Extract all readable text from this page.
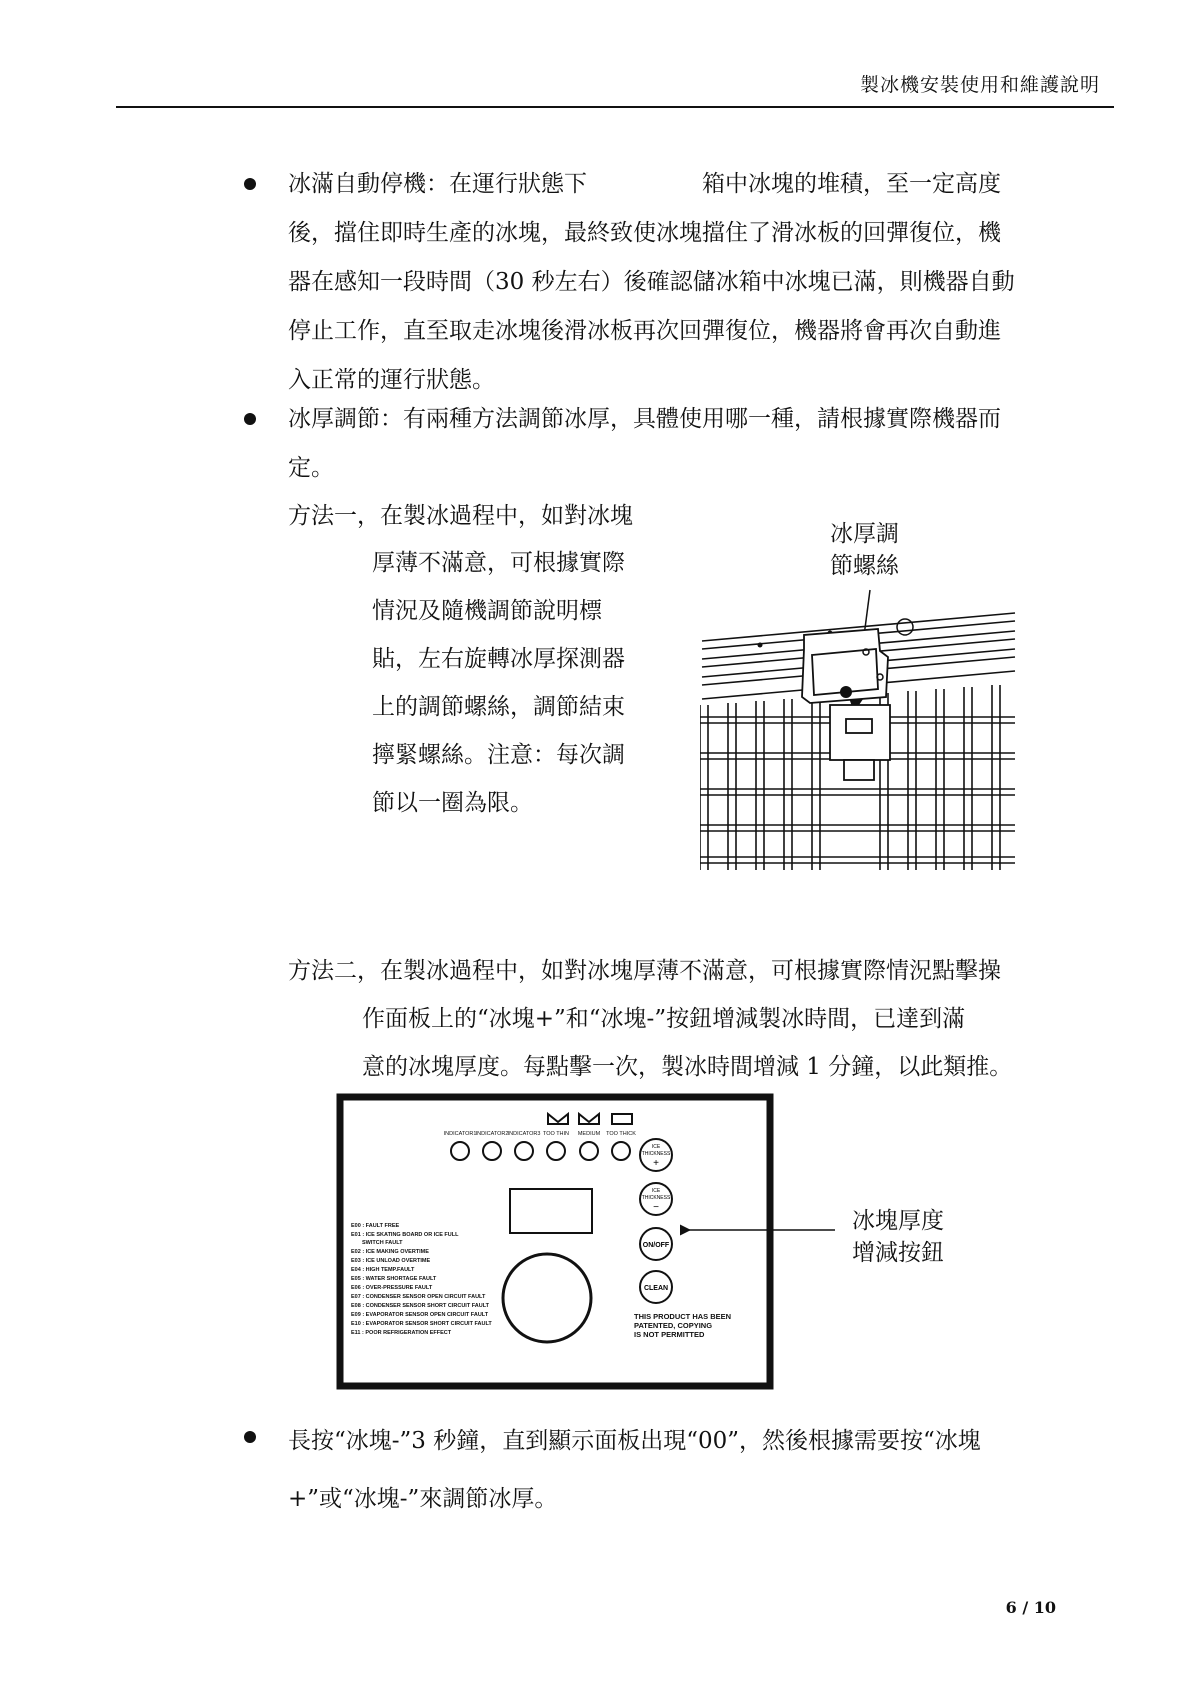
製冰機安裝使用和維護說明
冰滿自動停機：在運行狀態下　　　　　箱中冰塊的堆積，至一定高度
後，擋住即時生產的冰塊，最終致使冰塊擋住了滑冰板的回彈復位，機
器在感知一段時間（30 秒左右）後確認儲冰箱中冰塊已滿，則機器自動
停止工作，直至取走冰塊後滑冰板再次回彈復位，機器將會再次自動進
入正常的運行狀態。
冰厚調節：有兩種方法調節冰厚，具體使用哪一種，請根據實際機器而
定。
方法一，在製冰過程中，如對冰塊
厚薄不滿意，可根據實際
情況及隨機調節說明標
貼，左右旋轉冰厚探測器
上的調節螺絲，調節結束
擰緊螺絲。注意：每次調
節以一圈為限。
冰厚調
節螺絲
方法二，在製冰過程中，如對冰塊厚薄不滿意，可根據實際情況點擊操
作面板上的“冰塊+”和“冰塊-”按鈕增減製冰時間，已達到滿
意的冰塊厚度。每點擊一次，製冰時間增減 1 分鐘，以此類推。
INDICATOR1 INDICATOR2 INDICATOR3 TOO THIN MEDIUM TOO THICK
ICE
THICKNESS
+
ICE
THICKNESS
−
ON/OFF
CLEAN
E00 : FAULT FREE
E01 : ICE SKATING BOARD OR ICE FULL
SWITCH FAULT
E02 : ICE MAKING OVERTIME
E03 : ICE UNLOAD OVERTIME
E04 : HIGH TEMP.FAULT
E05 : WATER SHORTAGE FAULT
E06 : OVER-PRESSURE FAULT
E07 : CONDENSER SENSOR OPEN CIRCUIT FAULT
E08 : CONDENSER SENSOR SHORT CIRCUIT FAULT
E09 : EVAPORATOR SENSOR OPEN CIRCUIT FAULT
E10 : EVAPORATOR SENSOR SHORT CIRCUIT FAULT
E11 : POOR REFRIGERATION EFFECT
THIS PRODUCT HAS BEEN
PATENTED, COPYING
IS NOT PERMITTED
冰塊厚度
增減按鈕
長按“冰塊-”3 秒鐘，直到顯示面板出現“00”，然後根據需要按“冰塊
+”或“冰塊-”來調節冰厚。
6 / 10
